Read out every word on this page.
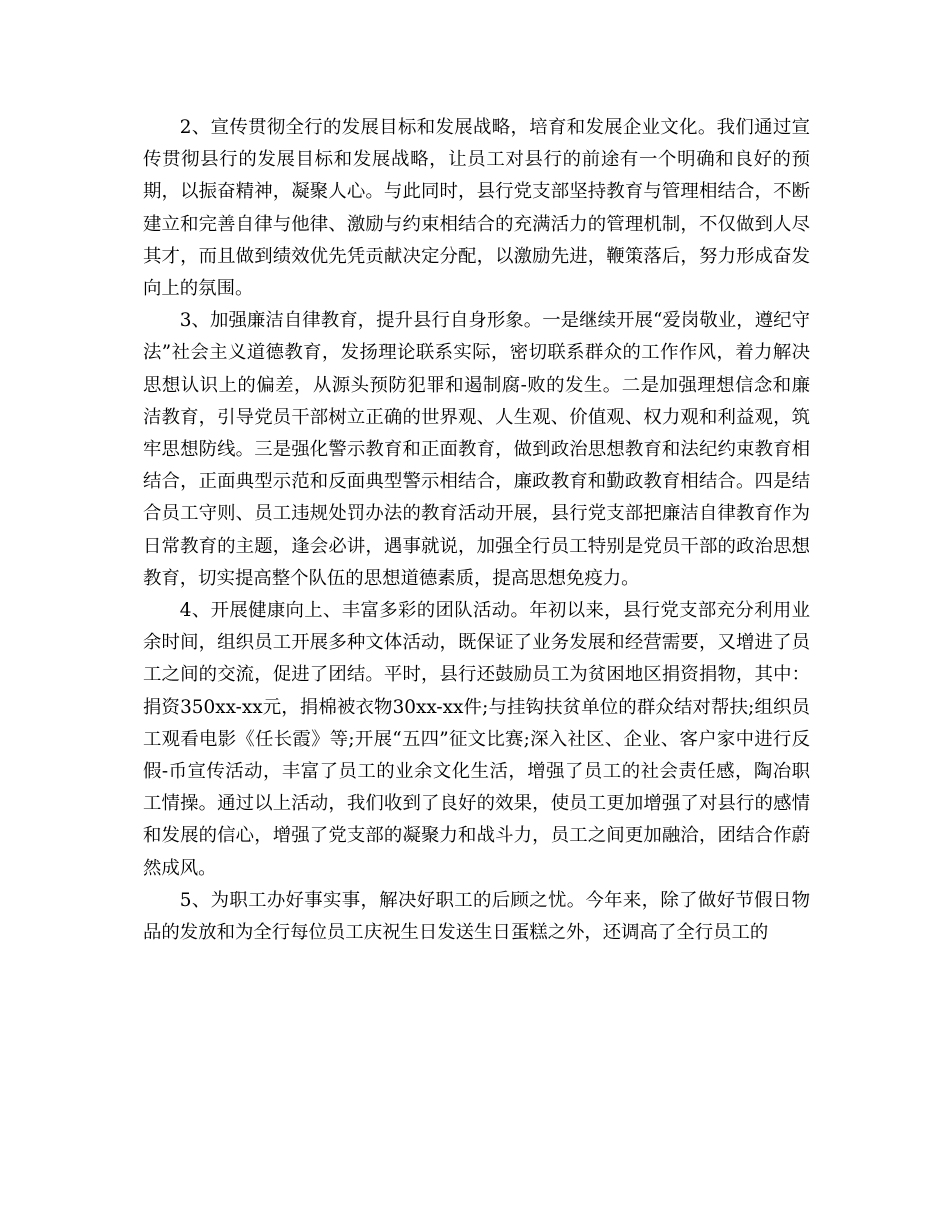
2、宣传贯彻全行的发展目标和发展战略，培育和发展企业文化。我们通过宣传贯彻县行的发展目标和发展战略，让员工对县行的前途有一个明确和良好的预期，以振奋精神，凝聚人心。与此同时，县行党支部坚持教育与管理相结合，不断建立和完善自律与他律、激励与约束相结合的充满活力的管理机制，不仅做到人尽其才，而且做到绩效优先凭贡献决定分配，以激励先进，鞭策落后，努力形成奋发向上的氛围。

3、加强廉洁自律教育，提升县行自身形象。一是继续开展“爱岗敬业，遵纪守法”社会主义道德教育，发扬理论联系实际，密切联系群众的工作作风，着力解决思想认识上的偏差，从源头预防犯罪和遏制腐-败的发生。二是加强理想信念和廉洁教育，引导党员干部树立正确的世界观、人生观、价值观、权力观和利益观，筑牢思想防线。三是强化警示教育和正面教育，做到政治思想教育和法纪约束教育相结合，正面典型示范和反面典型警示相结合，廉政教育和勤政教育相结合。四是结合员工守则、员工违规处罚办法的教育活动开展，县行党支部把廉洁自律教育作为日常教育的主题，逢会必讲，遇事就说，加强全行员工特别是党员干部的政治思想教育，切实提高整个队伍的思想道德素质，提高思想免疫力。

4、开展健康向上、丰富多彩的团队活动。年初以来，县行党支部充分利用业余时间，组织员工开展多种文体活动，既保证了业务发展和经营需要，又增进了员工之间的交流，促进了团结。平时，县行还鼓励员工为贫困地区捐资捐物，其中：捐资350xx-xx元，捐棉被衣物30xx-xx件;与挂钩扶贫单位的群众结对帮扶;组织员工观看电影《任长霞》等;开展“五四”征文比赛;深入社区、企业、客户家中进行反假-币宣传活动，丰富了员工的业余文化生活，增强了员工的社会责任感，陶冶职工情操。通过以上活动，我们收到了良好的效果，使员工更加增强了对县行的感情和发展的信心，增强了党支部的凝聚力和战斗力，员工之间更加融洽，团结合作蔚然成风。

5、为职工办好事实事，解决好职工的后顾之忧。今年来，除了做好节假日物品的发放和为全行每位员工庆祝生日发送生日蛋糕之外，还调高了全行员工的
